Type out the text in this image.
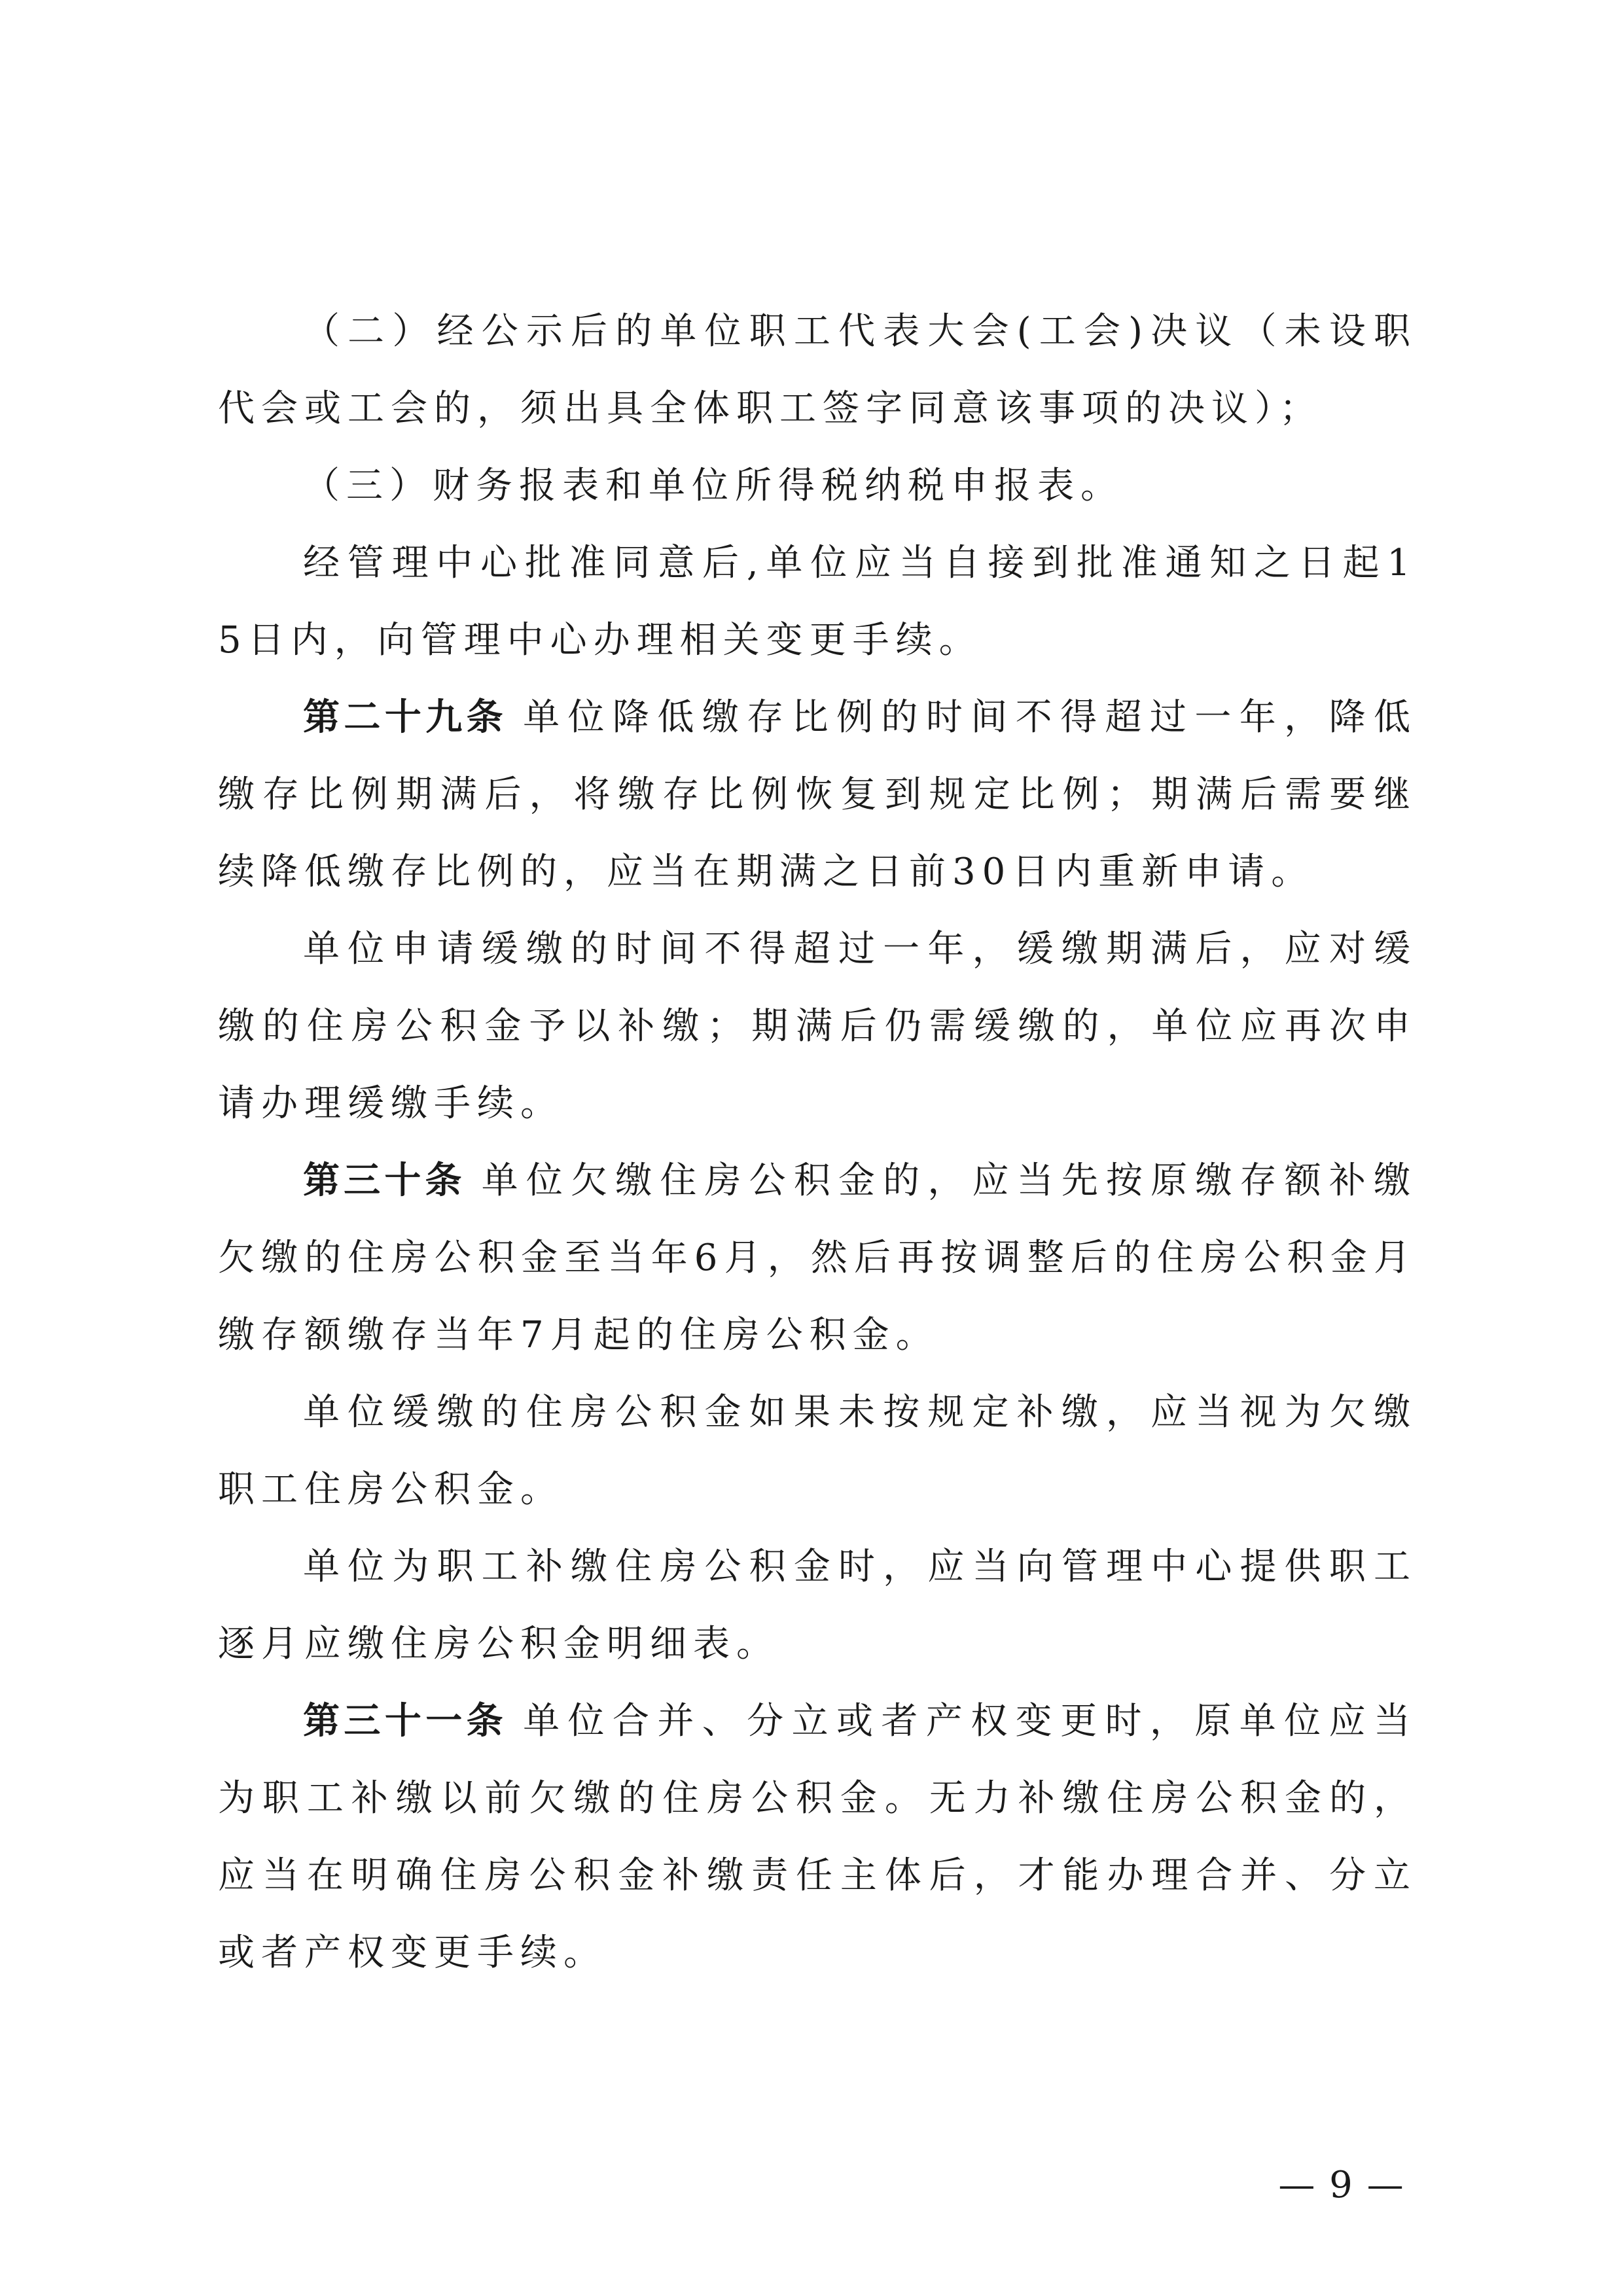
（二）经公示后的单位职工代表大会(工会)决议（未设职代会或工会的，须出具全体职工签字同意该事项的决议）；

（三）财务报表和单位所得税纳税申报表。

经管理中心批准同意后,单位应当自接到批准通知之日起15日内，向管理中心办理相关变更手续。

第二十九条 单位降低缴存比例的时间不得超过一年，降低缴存比例期满后，将缴存比例恢复到规定比例；期满后需要继续降低缴存比例的，应当在期满之日前30日内重新申请。

单位申请缓缴的时间不得超过一年，缓缴期满后，应对缓缴的住房公积金予以补缴；期满后仍需缓缴的，单位应再次申请办理缓缴手续。

第三十条 单位欠缴住房公积金的，应当先按原缴存额补缴欠缴的住房公积金至当年6月，然后再按调整后的住房公积金月缴存额缴存当年7月起的住房公积金。

单位缓缴的住房公积金如果未按规定补缴，应当视为欠缴职工住房公积金。

单位为职工补缴住房公积金时，应当向管理中心提供职工逐月应缴住房公积金明细表。

第三十一条 单位合并、分立或者产权变更时，原单位应当为职工补缴以前欠缴的住房公积金。无力补缴住房公积金的，应当在明确住房公积金补缴责任主体后，才能办理合并、分立或者产权变更手续。

— 9 —
